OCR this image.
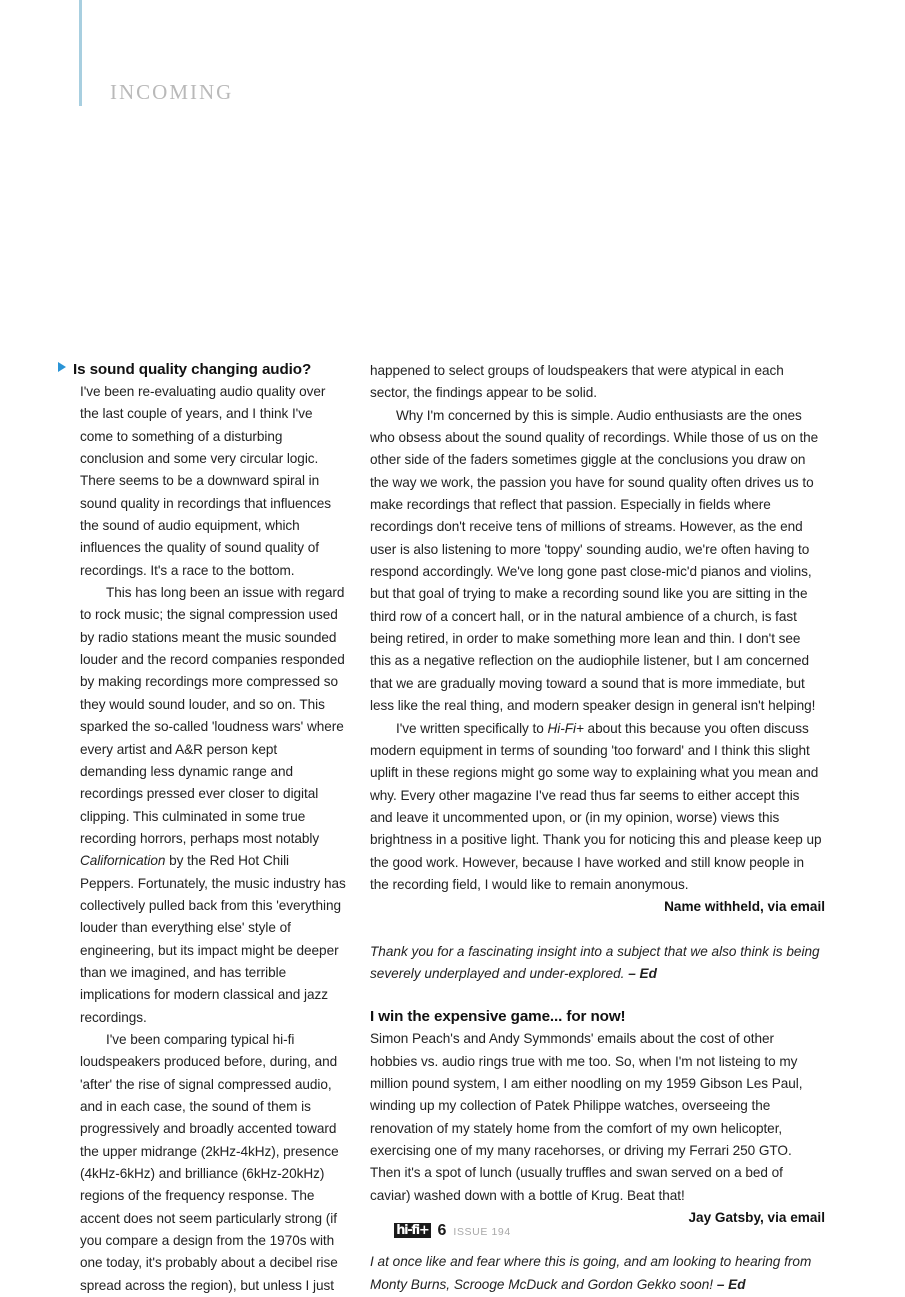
INCOMING
Is sound quality changing audio?

I've been re-evaluating audio quality over the last couple of years, and I think I've come to something of a disturbing conclusion and some very circular logic. There seems to be a downward spiral in sound quality in recordings that influences the sound of audio equipment, which influences the quality of sound quality of recordings. It's a race to the bottom.

This has long been an issue with regard to rock music; the signal compression used by radio stations meant the music sounded louder and the record companies responded by making recordings more compressed so they would sound louder, and so on. This sparked the so-called 'loudness wars' where every artist and A&R person kept demanding less dynamic range and recordings pressed ever closer to digital clipping. This culminated in some true recording horrors, perhaps most notably Californication by the Red Hot Chili Peppers. Fortunately, the music industry has collectively pulled back from this 'everything louder than everything else' style of engineering, but its impact might be deeper than we imagined, and has terrible implications for modern classical and jazz recordings.

I've been comparing typical hi-fi loudspeakers produced before, during, and 'after' the rise of signal compressed audio, and in each case, the sound of them is progressively and broadly accented toward the upper midrange (2kHz-4kHz), presence (4kHz-6kHz) and brilliance (6kHz-20kHz) regions of the frequency response. The accent does not seem particularly strong (if you compare a design from the 1970s with one today, it's probably about a decibel rise spread across the region), but unless I just

happened to select groups of loudspeakers that were atypical in each sector, the findings appear to be solid.

Why I'm concerned by this is simple. Audio enthusiasts are the ones who obsess about the sound quality of recordings. While those of us on the other side of the faders sometimes giggle at the conclusions you draw on the way we work, the passion you have for sound quality often drives us to make recordings that reflect that passion. Especially in fields where recordings don't receive tens of millions of streams. However, as the end user is also listening to more 'toppy' sounding audio, we're often having to respond accordingly. We've long gone past close-mic'd pianos and violins, but that goal of trying to make a recording sound like you are sitting in the third row of a concert hall, or in the natural ambience of a church, is fast being retired, in order to make something more lean and thin. I don't see this as a negative reflection on the audiophile listener, but I am concerned that we are gradually moving toward a sound that is more immediate, but less like the real thing, and modern speaker design in general isn't helping!

I've written specifically to Hi-Fi+ about this because you often discuss modern equipment in terms of sounding 'too forward' and I think this slight uplift in these regions might go some way to explaining what you mean and why. Every other magazine I've read thus far seems to either accept this and leave it uncommented upon, or (in my opinion, worse) views this brightness in a positive light. Thank you for noticing this and please keep up the good work. However, because I have worked and still know people in the recording field, I would like to remain anonymous.

Name withheld, via email

Thank you for a fascinating insight into a subject that we also think is being severely underplayed and under-explored. – Ed

I win the expensive game... for now!

Simon Peach's and Andy Symmonds' emails about the cost of other hobbies vs. audio rings true with me too. So, when I'm not listeing to my million pound system, I am either noodling on my 1959 Gibson Les Paul, winding up my collection of Patek Philippe watches, overseeing the renovation of my stately home from the comfort of my own helicopter, exercising one of my many racehorses, or driving my Ferrari 250 GTO. Then it's a spot of lunch (usually truffles and swan served on a bed of caviar) washed down with a bottle of Krug. Beat that!

Jay Gatsby, via email

I at once like and fear where this is going, and am looking to hearing from Monty Burns, Scrooge McDuck and Gordon Gekko soon! – Ed

hi-fi+ 6 ISSUE 194
